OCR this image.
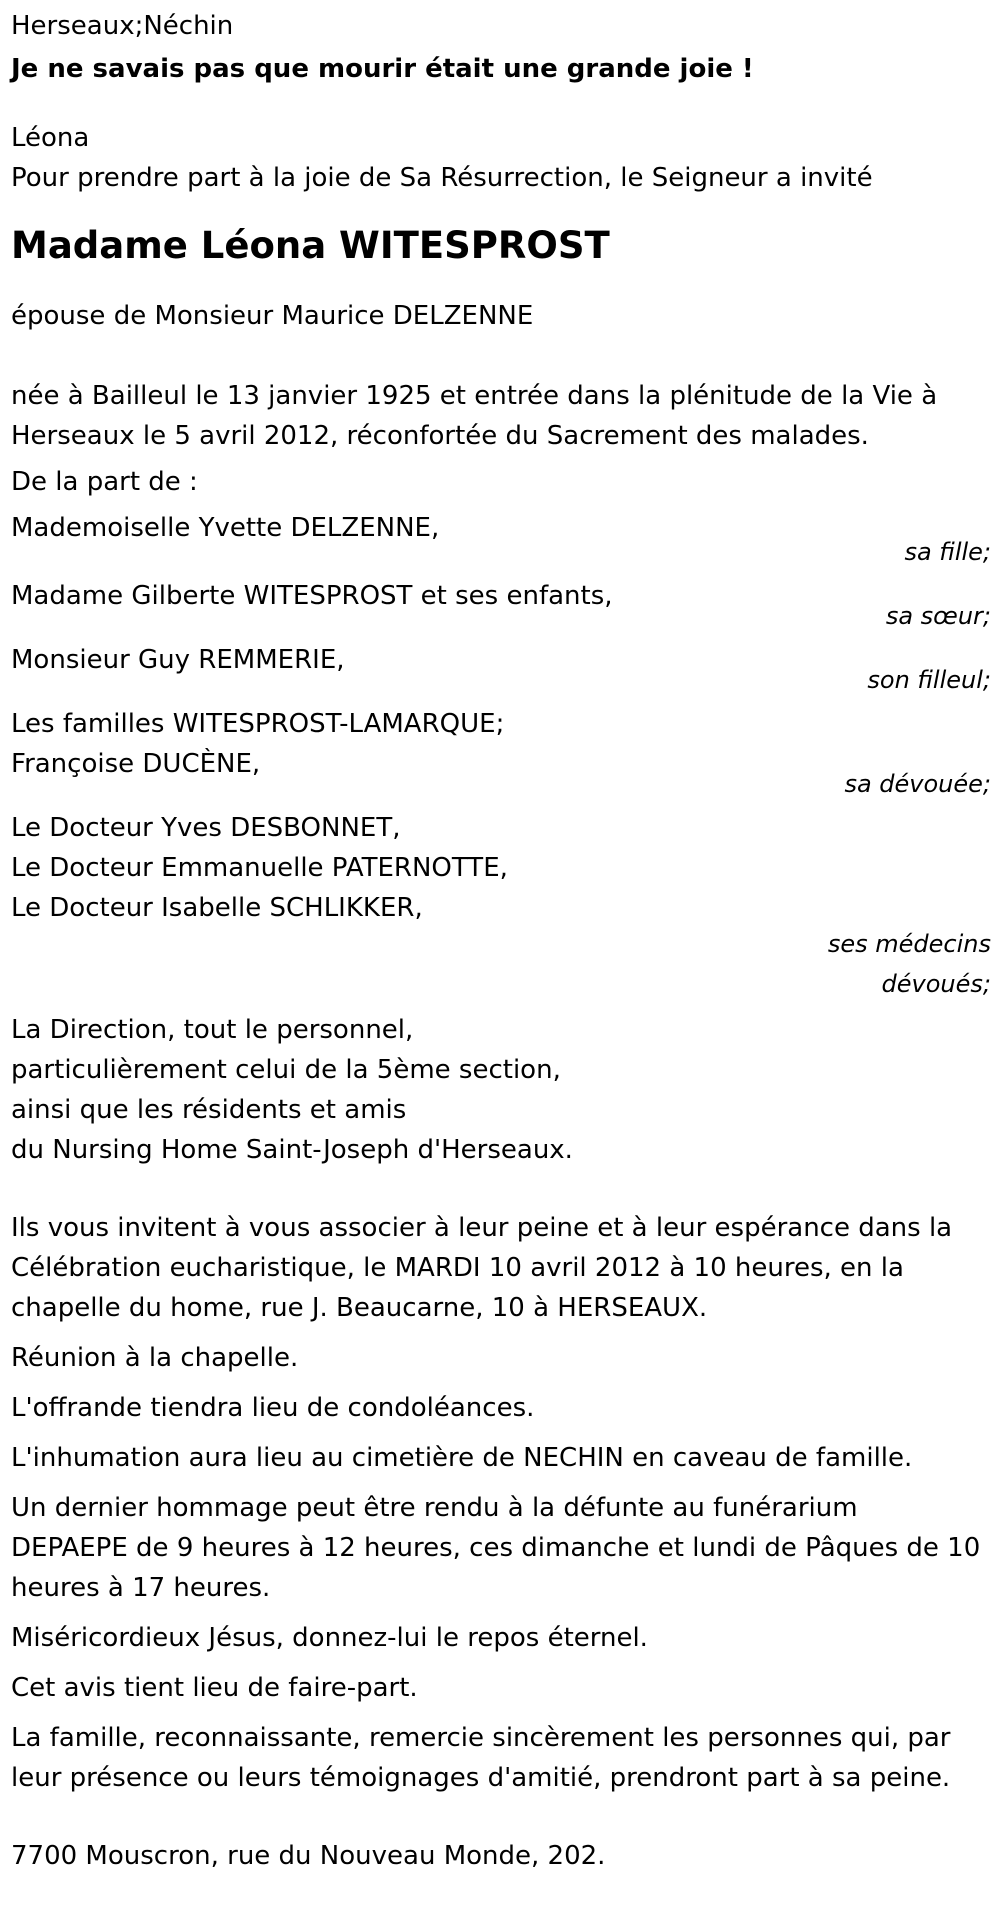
Herseaux;Néchin
Je ne savais pas que mourir était une grande joie !
Léona
Pour prendre part à la joie de Sa Résurrection, le Seigneur a invité
Madame Léona WITESPROST
épouse de Monsieur Maurice DELZENNE
née à Bailleul le 13 janvier 1925 et entrée dans la plénitude de la Vie à
Herseaux le 5 avril 2012, réconfortée du Sacrement des malades.
De la part de :
Mademoiselle Yvette DELZENNE,
sa fille;
Madame Gilberte WITESPROST et ses enfants,
sa sœur;
Monsieur Guy REMMERIE,
son filleul;
Les familles WITESPROST-LAMARQUE;
Françoise DUCÈNE,
sa dévouée;
Le Docteur Yves DESBONNET,
Le Docteur Emmanuelle PATERNOTTE,
Le Docteur Isabelle SCHLIKKER,
ses médecins
dévoués;
La Direction, tout le personnel,
particulièrement celui de la 5ème section,
ainsi que les résidents et amis
du Nursing Home Saint-Joseph d'Herseaux.
Ils vous invitent à vous associer à leur peine et à leur espérance dans la
Célébration eucharistique, le MARDI 10 avril 2012 à 10 heures, en la
chapelle du home, rue J. Beaucarne, 10 à HERSEAUX.
Réunion à la chapelle.
L'offrande tiendra lieu de condoléances.
L'inhumation aura lieu au cimetière de NECHIN en caveau de famille.
Un dernier hommage peut être rendu à la défunte au funérarium
DEPAEPE de 9 heures à 12 heures, ces dimanche et lundi de Pâques de 10
heures à 17 heures.
Miséricordieux Jésus, donnez-lui le repos éternel.
Cet avis tient lieu de faire-part.
La famille, reconnaissante, remercie sincèrement les personnes qui, par
leur présence ou leurs témoignages d'amitié, prendront part à sa peine.
7700 Mouscron, rue du Nouveau Monde, 202.
